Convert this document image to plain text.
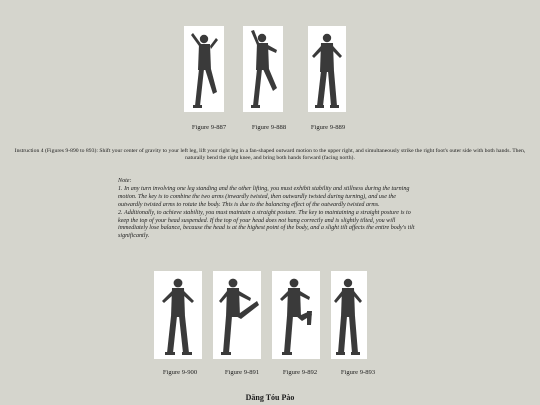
Figure 9-887	Figure 9-888	Figure 9-889
Instruction 4 (Figures 9-890 to 893): Shift your center of gravity to your left leg, lift your right leg in a fan-shaped outward motion to the upper right, and simultaneously strike the right foot's outer side with both hands. Then, naturally bend the right knee, and bring both hands forward (facing north).

Note:

1. In any turn involving one leg standing and the other lifting, you must exhibit stability and stillness during the turning motion. The key is to combine the two arms (inwardly twisted, then outwardly twisted during turning), and use the outwardly twisted arms to rotate the body. This is due to the balancing effect of the outwardly twisted arms.

2. Additionally, to achieve stability, you must maintain a straight posture. The key to maintaining a straight posture is to keep the top of your head suspended. If the top of your head does not hang correctly and is slightly tilted, you will immediately lose balance, because the head is at the highest point of the body, and a slight tilt affects the entire body's tilt significantly.

Figure 9-900	Figure 9-891	Figure 9-892	Figure 9-893
Dāng Tóu Pào
